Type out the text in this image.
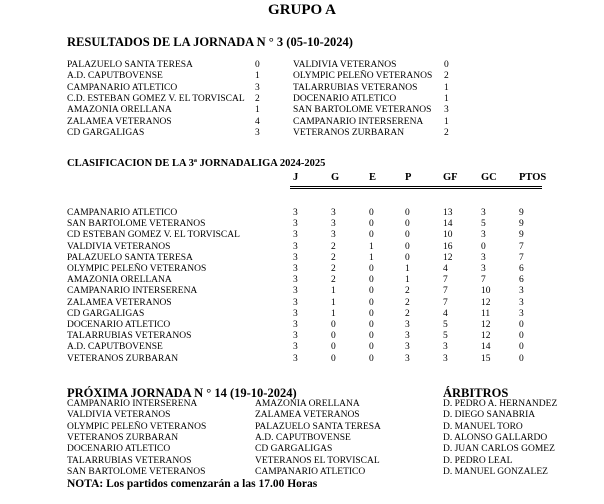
GRUPO A
RESULTADOS DE LA JORNADA N ° 3 (05-10-2024)
PALAZUELO SANTA TERESA	0
A.D. CAPUTBOVENSE	1
CAMPANARIO ATLETICO	3
C.D. ESTEBAN GOMEZ V. EL TORVISCAL 2
AMAZONIA ORELLANA	1
ZALAMEA VETERANOS	4
CD GARGALIGAS	3
VALDIVIA VETERANOS	0
OLYMPIC PELEÑO VETERANOS 2
TALARRUBIAS VETERANOS	1
DOCENARIO ATLETICO	1
SAN BARTOLOME VETERANOS 3
CAMPANARIO INTERSERENA 1
VETERANOS ZURBARAN	2
CLASIFICACION DE LA 3ª JORNADALIGA 2024-2025
J	G	E	P	GF GC PTOS
CAMPANARIO ATLETICO	3	3	0	0	13	3	9
SAN BARTOLOME VETERANOS	3	3	0	0	14	5	9
CD ESTEBAN GOMEZ V. EL TORVISCAL	3	3	0	0	10	3	9
VALDIVIA VETERANOS	3	2	1	0	16	0	7
PALAZUELO SANTA TERESA	3	2	1	0	12	3	7
OLYMPIC PELEÑO VETERANOS	3	2	0	1	4	3	6
AMAZONIA ORELLANA	3	2	0	1	7	7	6
CAMPANARIO INTERSERENA	3	1	0	2	7	10	3
ZALAMEA VETERANOS	3	1	0	2	7	12	3
CD GARGALIGAS	3	1	0	2	4	11	3
DOCENARIO ATLETICO	3	0	0	3	5	12	0
TALARRUBIAS VETERANOS	3	0	0	3	5	12	0
A.D. CAPUTBOVENSE	3	0	0	3	3	14	0
VETERANOS ZURBARAN	3	0	0	3	3	15	0
PRÓXIMA JORNADA N ° 14 (19-10-2024)	ÁRBITROS
CAMPANARIO INTERSERENA	AMAZONIA ORELLANA	D. PEDRO A. HERNANDEZ
VALDIVIA VETERANOS	ZALAMEA VETERANOS	D. DIEGO SANABRIA
OLYMPIC PELEÑO VETERANOS	PALAZUELO SANTA TERESA	D. MANUEL TORO
VETERANOS ZURBARAN	A.D. CAPUTBOVENSE	D. ALONSO GALLARDO
DOCENARIO ATLETICO	CD GARGALIGAS	D. JUAN CARLOS GOMEZ
TALARRUBIAS VETERANOS	VETERANOS EL TORVISCAL	D. PEDRO LEAL
SAN BARTOLOME VETERANOS	CAMPANARIO ATLETICO	D. MANUEL GONZALEZ
NOTA: Los partidos comenzarán a las 17.00 Horas
